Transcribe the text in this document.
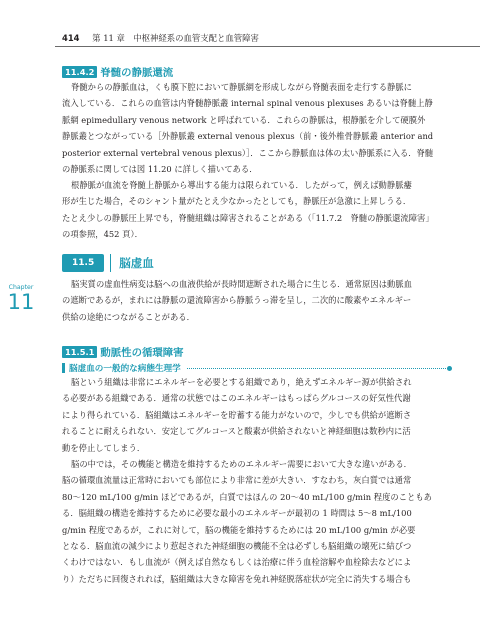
414 第 11 章　中枢神経系の血管支配と血管障害
11.4.2 脊髄の静脈還流

脊髄からの静脈血は，くも膜下腔において静脈網を形成しながら脊髄表面を走行する静脈に
流入している．これらの血管は内脊髄静脈叢 internal spinal venous plexuses あるいは脊髄上静
脈網 epimedullary venous network と呼ばれている．これらの静脈は，根静脈を介して硬膜外
静脈叢とつながっている［外静脈叢 external venous plexus（前・後外椎骨静脈叢 anterior and
posterior external vertebral venous plexus）］．ここから静脈血は体の太い静脈系に入る．脊髄
の静脈系に関しては図 11.20 に詳しく描いてある．

根静脈が血流を脊髄上静脈から導出する能力は限られている．したがって，例えば動静脈瘻
形が生じた場合，そのシャント量がたとえ少なかったとしても，静脈圧が急激に上昇しうる．
たとえ少しの静脈圧上昇でも，脊髄組織は障害されることがある（「11.7.2　脊髄の静脈還流障害」
の項参照，452 頁）．

11.5	脳虚血
Chapter
11

脳実質の虚血性病変は脳への血液供給が長時間遮断された場合に生じる．通常原因は動脈血
の遮断であるが，まれには静脈の還流障害から静脈うっ滞を呈し，二次的に酸素やエネルギー
供給の途絶につながることがある．

11.5.1 動脈性の循環障害
脳虚血の一般的な病態生理学

脳という組織は非常にエネルギーを必要とする組織であり，絶えずエネルギー源が供給され
る必要がある組織である．通常の状態ではこのエネルギーはもっぱらグルコースの好気性代謝
により得られている．脳組織はエネルギーを貯蓄する能力がないので，少しでも供給が遮断さ
れることに耐えられない．安定してグルコースと酸素が供給されないと神経細胞は数秒内に活
動を停止してしまう．

脳の中では，その機能と構造を維持するためのエネルギー需要において大きな違いがある．
脳の循環血流量は正常時においても部位により非常に差が大きい．すなわち，灰白質では通常
80～120 mL/100 g/min ほどであるが，白質ではほんの 20～40 mL/100 g/min 程度のこともあ
る．脳組織の構造を維持するために必要な最小のエネルギーが最初の 1 時間は 5～8 mL/100
g/min 程度であるが，これに対して，脳の機能を維持するためには 20 mL/100 g/min が必要
となる．脳血流の減少により惹起された神経細胞の機能不全は必ずしも脳組織の壊死に結びつ
くわけではない．もし血流が（例えば自然なもしくは治療に伴う血栓溶解や血栓除去などによ
り）ただちに回復されれば，脳組織は大きな障害を免れ神経脱落症状が完全に消失する場合も
